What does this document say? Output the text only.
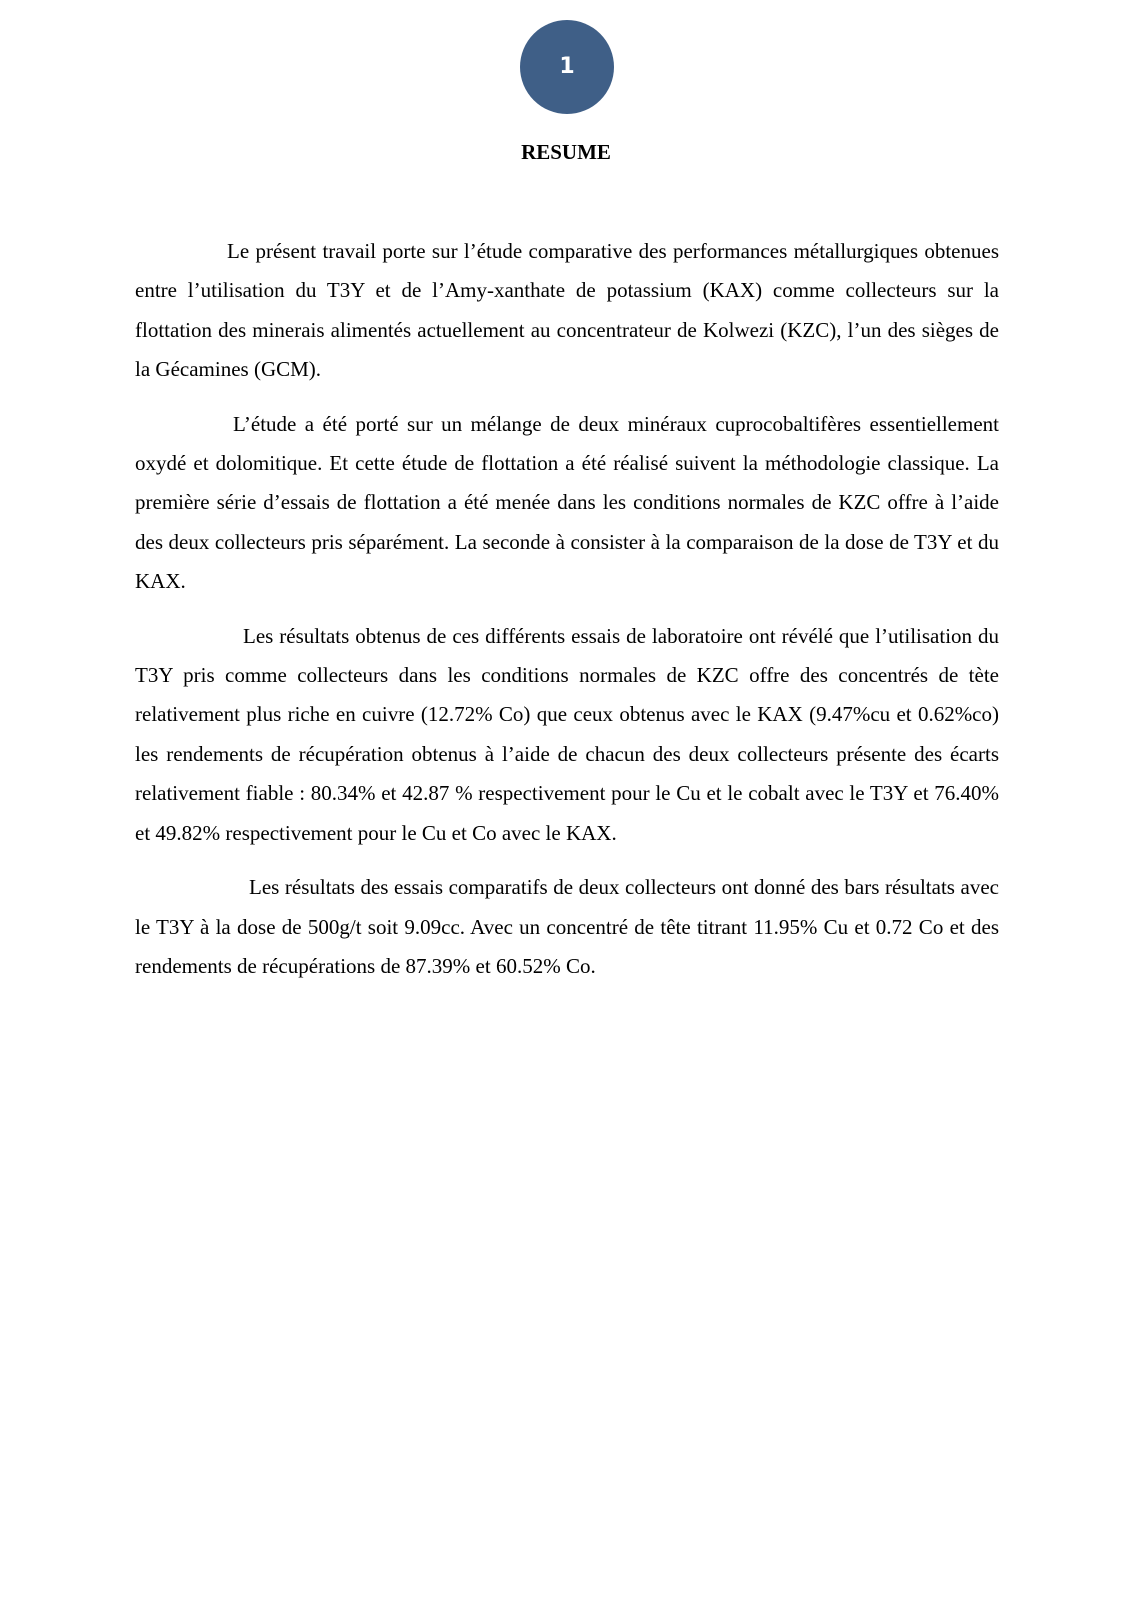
1
RESUME

Le présent travail porte sur l’étude comparative des performances métallurgiques obtenues entre l’utilisation du T3Y et de l’Amy-xanthate de potassium (KAX) comme collecteurs sur la flottation des minerais alimentés actuellement au concentrateur de Kolwezi (KZC), l’un des sièges de la Gécamines (GCM).

L’étude a été porté sur un mélange de deux minéraux cuprocobaltifères essentiellement oxydé et dolomitique. Et cette étude de flottation a été réalisé suivent la méthodologie classique. La première série d’essais de flottation a été menée dans les conditions normales de KZC offre à l’aide des deux collecteurs pris séparément. La seconde à consister à la comparaison de la dose de T3Y et du KAX.

Les résultats obtenus de ces différents essais de laboratoire ont révélé que l’utilisation du T3Y pris comme collecteurs dans les conditions normales de KZC offre des concentrés de tète relativement plus riche en cuivre (12.72% Co) que ceux obtenus avec le KAX (9.47%cu et 0.62%co) les rendements de récupération obtenus à l’aide de chacun des deux collecteurs présente des écarts relativement fiable : 80.34% et 42.87 % respectivement pour le Cu et le cobalt avec le T3Y et 76.40% et 49.82% respectivement pour le Cu et Co avec le KAX.

Les résultats des essais comparatifs de deux collecteurs ont donné des bars résultats avec le T3Y à la dose de 500g/t soit 9.09cc. Avec un concentré de tête titrant 11.95% Cu et 0.72 Co et des rendements de récupérations de 87.39% et 60.52% Co.
